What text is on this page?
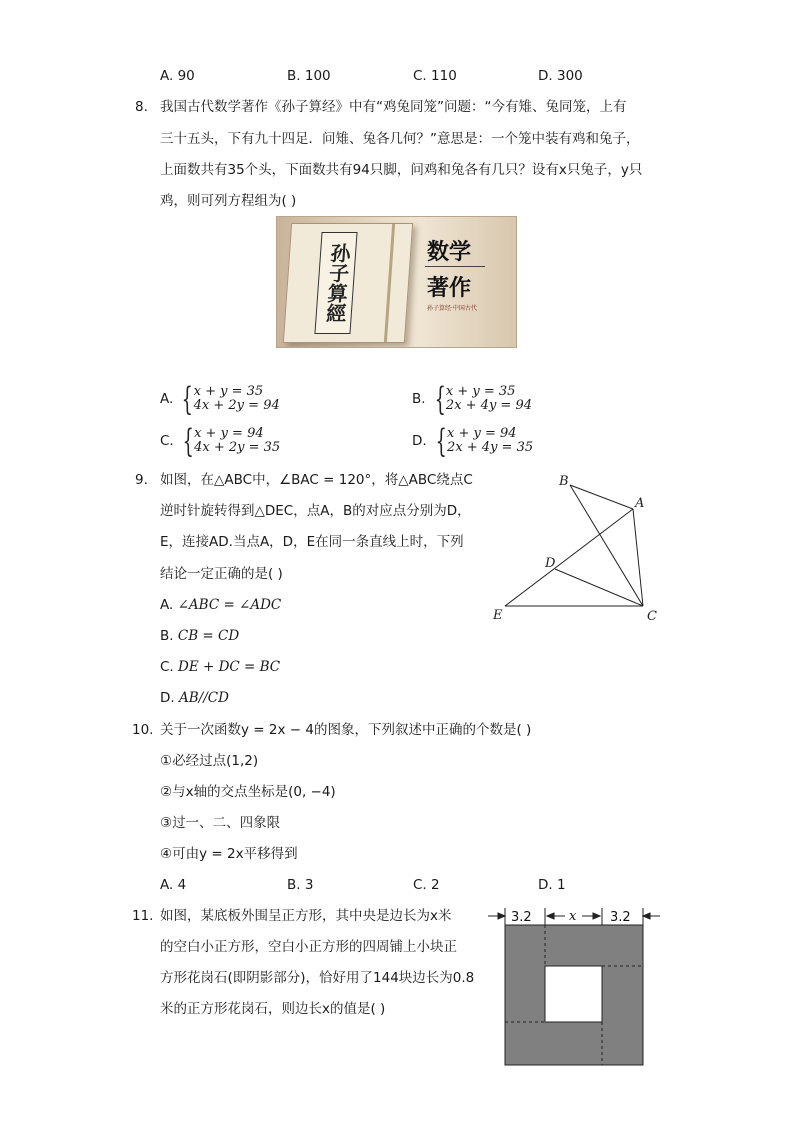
A. 90	B. 100	C. 110	D. 300
8. 我国古代数学著作《孙子算经》中有“鸡兔同笼”问题：“今有雉、兔同笼，上有
三十五头，下有九十四足．问雉、兔各几何？”意思是：一个笼中装有鸡和兔子，
上面数共有35个头，下面数共有94只脚，问鸡和兔各有几只？设有x只兔子，y只
鸡，则可列方程组为( )
孙子算經	数学
著作
孙子算经·中国古代
A. { x + y = 35
4x + 2y = 94	B. { x + y = 35
2x + 4y = 94
C. { x + y = 94
4x + 2y = 35	D. { x + y = 94
2x + 4y = 35
9. 如图，在△ABC中，∠BAC = 120°，将△ABC绕点C
逆时针旋转得到△DEC，点A，B的对应点分别为D，
E，连接AD.当点A，D，E在同一条直线上时，下列
结论一定正确的是( )
A. ∠ABC = ∠ADC
B. CB = CD
C. DE + DC = BC
D. AB//CD
B
A
D
E	C
10. 关于一次函数y = 2x − 4的图象，下列叙述中正确的个数是( )
①必经过点(1,2)
②与x轴的交点坐标是(0, −4)
③过一、二、四象限
④可由y = 2x平移得到
A. 4	B. 3	C. 2	D. 1
11. 如图，某底板外围呈正方形，其中央是边长为x米
的空白小正方形，空白小正方形的四周铺上小块正
方形花岗石(即阴影部分)，恰好用了144块边长为0.8
米的正方形花岗石，则边长x的值是( )
3.2	x	3.2
